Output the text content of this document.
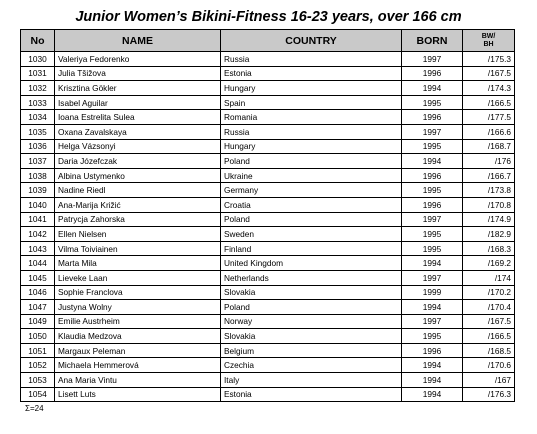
Junior Women’s Bikini-Fitness 16-23 years, over 166 cm
No	NAME	COUNTRY	BORN	BW/
BH

1030	Valeriya Fedorenko	Russia	1997	/175.3
1031	Julia Tšižova	Estonia	1996	/167.5
1032	Krisztina Gökler	Hungary	1994	/174.3
1033	Isabel Aguilar	Spain	1995	/166.5
1034	Ioana Estrelita Sulea	Romania	1996	/177.5
1035	Oxana Zavalskaya	Russia	1997	/166.6
1036	Helga Vázsonyi	Hungary	1995	/168.7
1037	Daria Józefczak	Poland	1994	/176
1038	Albina Ustymenko	Ukraine	1996	/166.7
1039	Nadine Riedl	Germany	1995	/173.8
1040	Ana-Marija Križić	Croatia	1996	/170.8
1041	Patrycja Zahorska	Poland	1997	/174.9
1042	Ellen Nielsen	Sweden	1995	/182.9
1043	Vilma Toiviainen	Finland	1995	/168.3
1044	Marta Mila	United Kingdom	1994	/169.2
1045	Lieveke Laan	Netherlands	1997	/174
1046	Sophie Franclova	Slovakia	1999	/170.2
1047	Justyna Wolny	Poland	1994	/170.4
1049	Emilie Austrheim	Norway	1997	/167.5
1050	Klaudia Medzova	Slovakia	1995	/166.5
1051	Margaux Peleman	Belgium	1996	/168.5
1052	Michaela Hemmerová	Czechia	1994	/170.6
1053	Ana Maria Vintu	Italy	1994	/167
1054	Lisett Luts	Estonia	1994	/176.3
Σ=24
